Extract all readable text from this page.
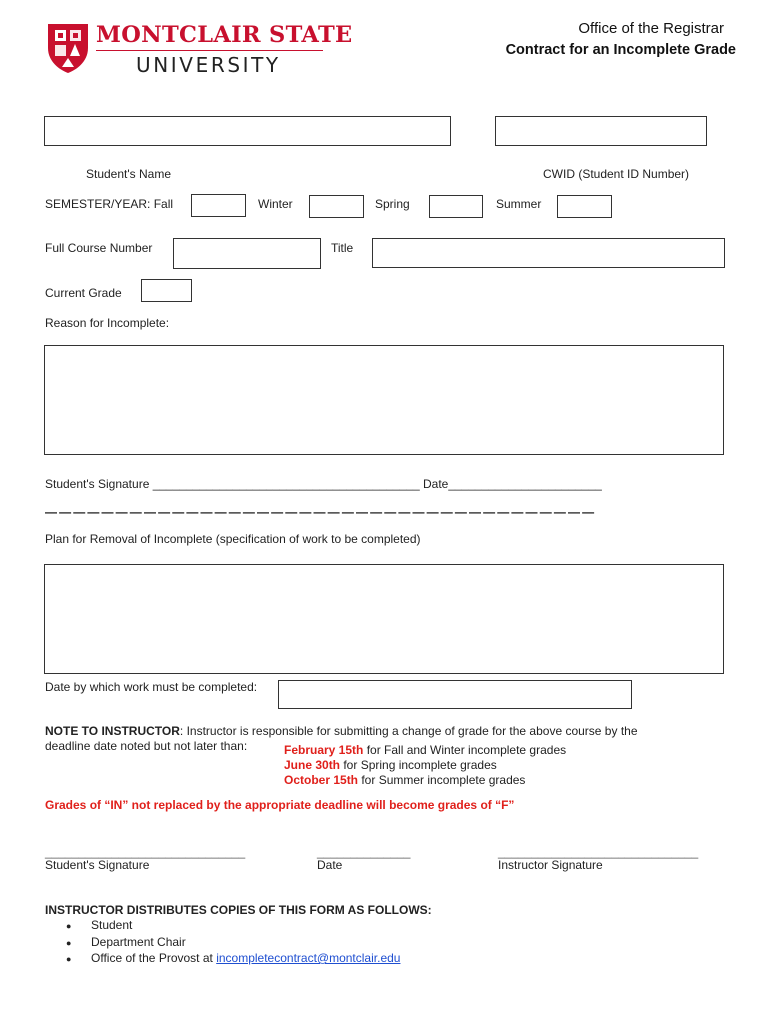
MONTCLAIR STATE
UNIVERSITY
Office of the Registrar
Contract for an Incomplete Grade
Student's Name	CWID (Student ID Number)
SEMESTER/YEAR: Fall	Winter	Spring	Summer
Full Course Number	Title
Current Grade
Reason for Incomplete:
Student's Signature ________________________________________ Date_______________________
— — — — — — — — — — — — — — — — — — — — — — — — — — — — — — — — — — — — — — —
Plan for Removal of Incomplete (specification of work to be completed)
Date by which work must be completed:
NOTE TO INSTRUCTOR: Instructor is responsible for submitting a change of grade for the above course by the
deadline date noted but not later than:	February 15th for Fall and Winter incomplete grades
June 30th for Spring incomplete grades
October 15th for Summer incomplete grades
Grades of “IN” not replaced by the appropriate deadline will become grades of “F”
______________________________
Student's Signature
______________
Date
______________________________
Instructor Signature
INSTRUCTOR DISTRIBUTES COPIES OF THIS FORM AS FOLLOWS:
● Student
● Department Chair
● Office of the Provost at incompletecontract@montclair.edu
